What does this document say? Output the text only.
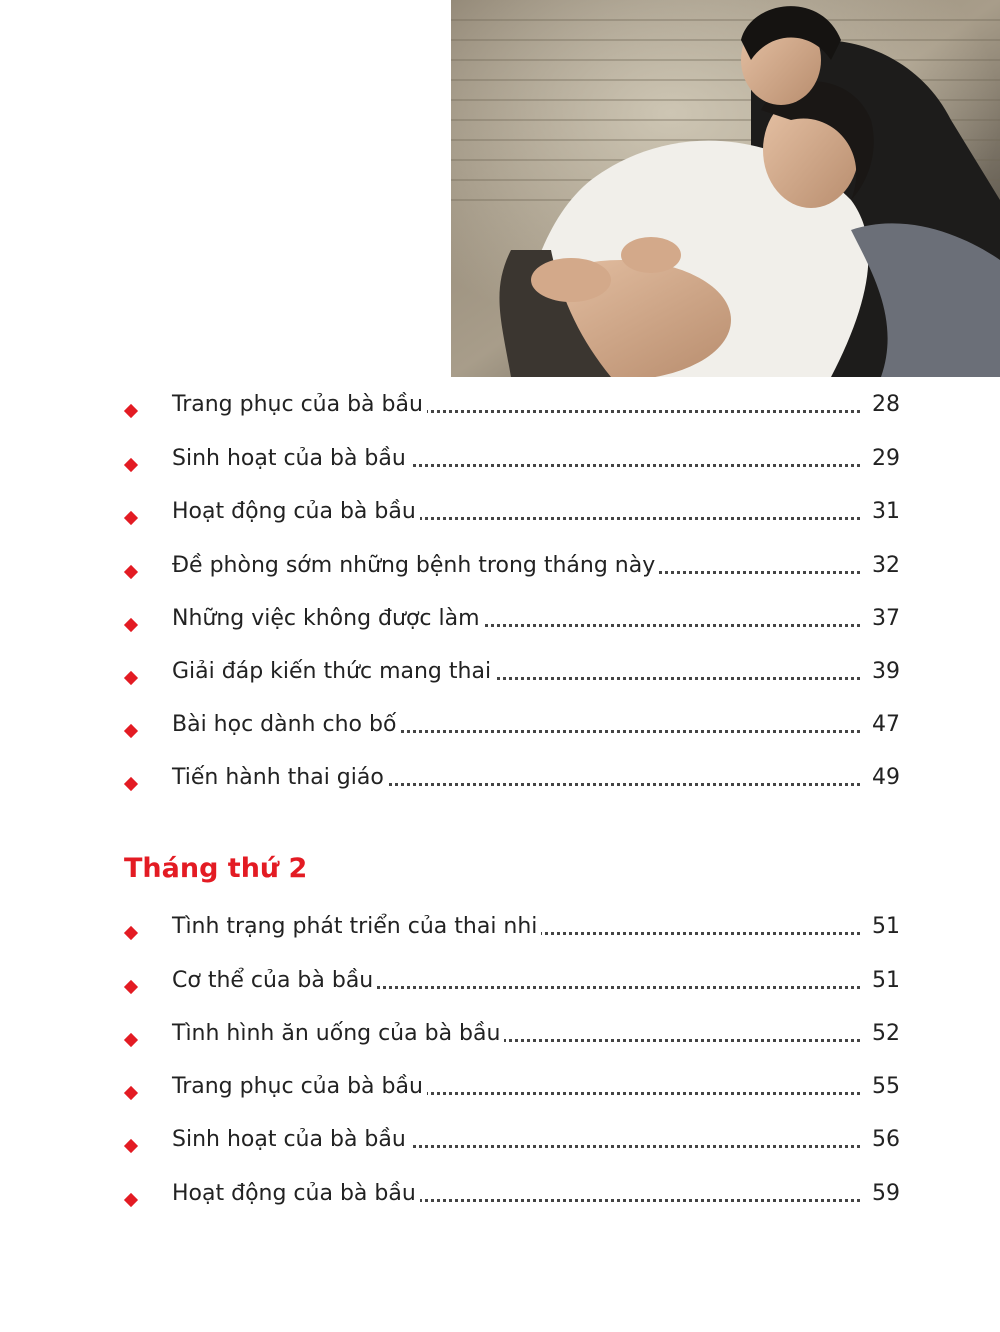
Trang phục của bà bầu	28
Sinh hoạt của bà bầu	29
Hoạt động của bà bầu	31
Đề phòng sớm những bệnh trong tháng này	32
Những việc không được làm	37
Giải đáp kiến thức mang thai	39
Bài học dành cho bố	47
Tiến hành thai giáo	49
Tháng thứ 2
Tình trạng phát triển của thai nhi	51
Cơ thể của bà bầu	51
Tình hình ăn uống của bà bầu	52
Trang phục của bà bầu	55
Sinh hoạt của bà bầu	56
Hoạt động của bà bầu	59
